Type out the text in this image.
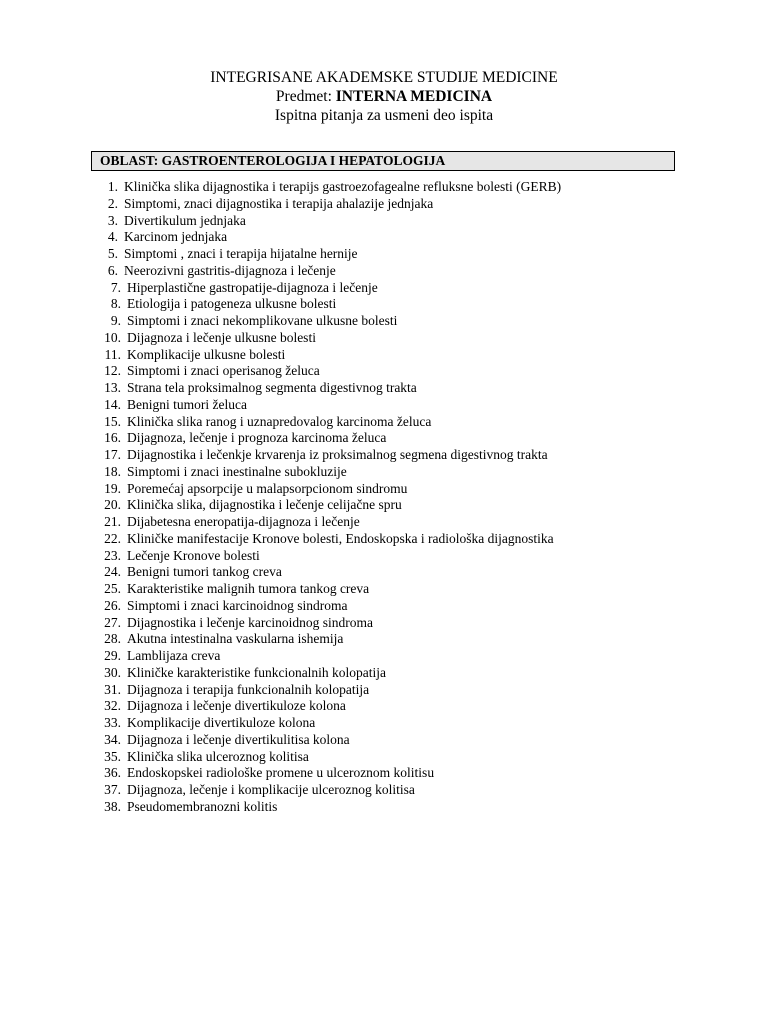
INTEGRISANE AKADEMSKE STUDIJE MEDICINE
Predmet: INTERNA MEDICINA
Ispitna pitanja za usmeni deo ispita
OBLAST: GASTROENTEROLOGIJA I HEPATOLOGIJA
1. Klinička slika dijagnostika i terapijs gastroezofagealne refluksne bolesti (GERB)
2. Simptomi, znaci dijagnostika i terapija ahalazije jednjaka
3. Divertikulum jednjaka
4. Karcinom jednjaka
5. Simptomi , znaci i terapija hijatalne hernije
6. Neerozivni gastritis-dijagnoza i lečenje
7. Hiperplastične gastropatije-dijagnoza i lečenje
8. Etiologija i patogeneza ulkusne bolesti
9. Simptomi i znaci nekomplikovane ulkusne bolesti
10. Dijagnoza i lečenje ulkusne bolesti
11. Komplikacije ulkusne bolesti
12. Simptomi i znaci operisanog želuca
13. Strana tela proksimalnog segmenta digestivnog trakta
14. Benigni tumori želuca
15. Klinička slika ranog i uznapredovalog karcinoma želuca
16. Dijagnoza, lečenje i prognoza karcinoma želuca
17. Dijagnostika i lečenkje krvarenja iz proksimalnog segmena digestivnog trakta
18. Simptomi i znaci inestinalne subokluzije
19. Poremećaj apsorpcije u malapsorpcionom sindromu
20. Klinička slika, dijagnostika i lečenje celijačne spru
21. Dijabetesna eneropatija-dijagnoza i lečenje
22. Kliničke manifestacije Kronove bolesti, Endoskopska i radiološka dijagnostika
23. Lečenje Kronove bolesti
24. Benigni tumori tankog creva
25. Karakteristike malignih tumora tankog creva
26. Simptomi i znaci karcinoidnog sindroma
27. Dijagnostika i lečenje karcinoidnog sindroma
28. Akutna intestinalna vaskularna ishemija
29. Lamblijaza creva
30. Kliničke karakteristike funkcionalnih kolopatija
31. Dijagnoza i terapija funkcionalnih kolopatija
32. Dijagnoza i lečenje divertikuloze kolona
33. Komplikacije divertikuloze kolona
34. Dijagnoza i lečenje divertikulitisa kolona
35. Klinička slika ulceroznog kolitisa
36. Endoskopskei radiološke promene u ulceroznom kolitisu
37. Dijagnoza, lečenje i komplikacije ulceroznog kolitisa
38. Pseudomembranozni kolitis
